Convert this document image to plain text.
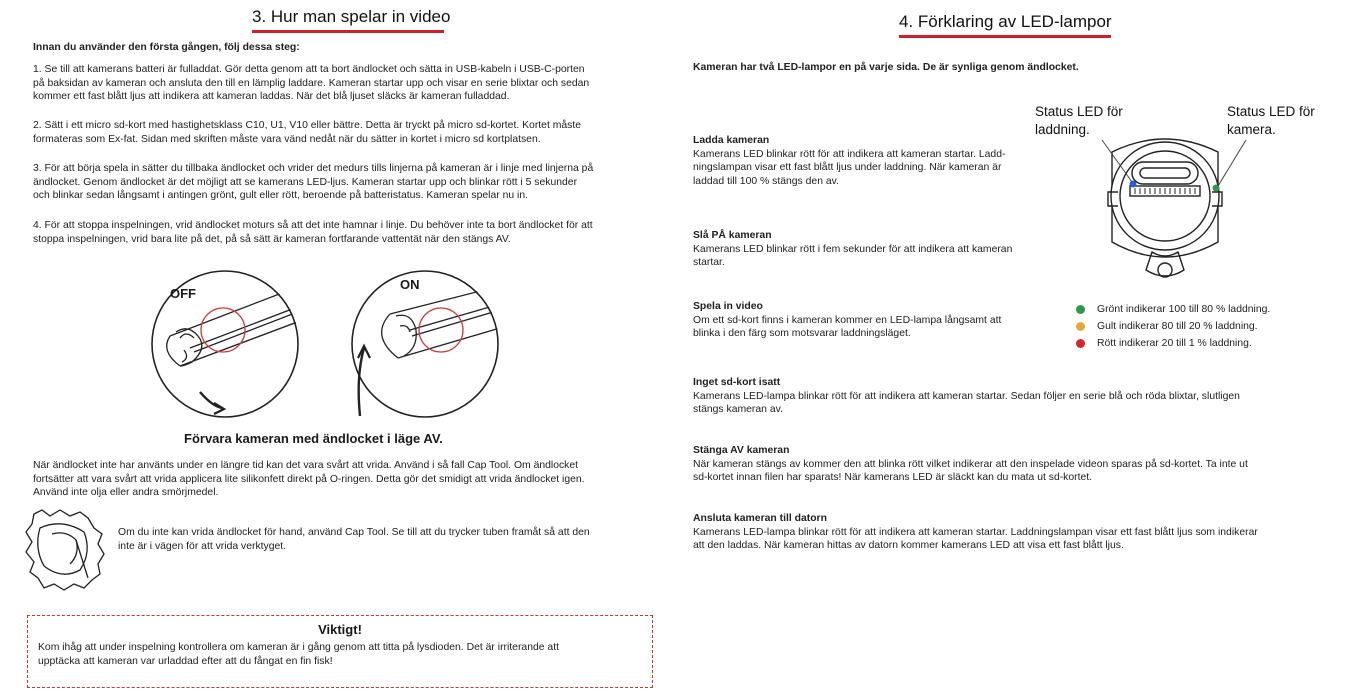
3. Hur man spelar in video
Innan du använder den första gången, följ dessa steg:
1. Se till att kamerans batteri är fulladdat. Gör detta genom att ta bort ändlocket och sätta in USB-kabeln i USB-C-porten
på baksidan av kameran och ansluta den till en lämplig laddare. Kameran startar upp och visar en serie blixtar och sedan
kommer ett fast blått ljus att indikera att kameran laddas. När det blå ljuset släcks är kameran fulladdad.
2. Sätt i ett micro sd-kort med hastighetsklass C10, U1, V10 eller bättre. Detta är tryckt på micro sd-kortet. Kortet måste
formateras som Ex-fat. Sidan med skriften måste vara vänd nedåt när du sätter in kortet i micro sd kortplatsen.
3. För att börja spela in sätter du tillbaka ändlocket och vrider det medurs tills linjerna på kameran är i linje med linjerna på
ändlocket. Genom ändlocket är det möjligt att se kamerans LED-ljus. Kameran startar upp och blinkar rött i 5 sekunder
och blinkar sedan långsamt i antingen grönt, gult eller rött, beroende på batteristatus. Kameran spelar nu in.
4. För att stoppa inspelningen, vrid ändlocket moturs så att det inte hamnar i linje. Du behöver inte ta bort ändlocket för att
stoppa inspelningen, vrid bara lite på det, på så sätt är kameran fortfarande vattentät när den stängs AV.
OFF
ON
Förvara kameran med ändlocket i läge AV.
När ändlocket inte har använts under en längre tid kan det vara svårt att vrida. Använd i så fall Cap Tool. Om ändlocket
fortsätter att vara svårt att vrida applicera lite silikonfett direkt på O-ringen. Detta gör det smidigt att vrida ändlocket igen.
Använd inte olja eller andra smörjmedel.
Om du inte kan vrida ändlocket för hand, använd Cap Tool. Se till att du trycker tuben framåt så att den
inte är i vägen för att vrida verktyget.
Viktigt!
Kom ihåg att under inspelning kontrollera om kameran är i gång genom att titta på lysdioden. Det är irriterande att
upptäcka att kameran var urladdad efter att du fångat en fin fisk!
4. Förklaring av LED-lampor
Kameran har två LED-lampor en på varje sida. De är synliga genom ändlocket.
Status LED för
laddning.
Status LED för
kamera.
Ladda kameran
Kamerans LED blinkar rött för att indikera att kameran startar. Ladd-
ningslampan visar ett fast blått ljus under laddning. När kameran är
laddad till 100 % stängs den av.
Slå PÅ kameran
Kamerans LED blinkar rött i fem sekunder för att indikera att kameran
startar.
Spela in video
Om ett sd-kort finns i kameran kommer en LED-lampa långsamt att
blinka i den färg som motsvarar laddningsläget.
Grönt indikerar 100 till 80 % laddning.
Gult indikerar 80 till 20 % laddning.
Rött indikerar 20 till 1 % laddning.
Inget sd-kort isatt
Kamerans LED-lampa blinkar rött för att indikera att kameran startar. Sedan följer en serie blå och röda blixtar, slutligen
stängs kameran av.
Stänga AV kameran
När kameran stängs av kommer den att blinka rött vilket indikerar att den inspelade videon sparas på sd-kortet. Ta inte ut
sd-kortet innan filen har sparats! När kamerans LED är släckt kan du mata ut sd-kortet.
Ansluta kameran till datorn
Kamerans LED-lampa blinkar rött för att indikera att kameran startar. Laddningslampan visar ett fast blått ljus som indikerar
att den laddas. När kameran hittas av datorn kommer kamerans LED att visa ett fast blått ljus.
